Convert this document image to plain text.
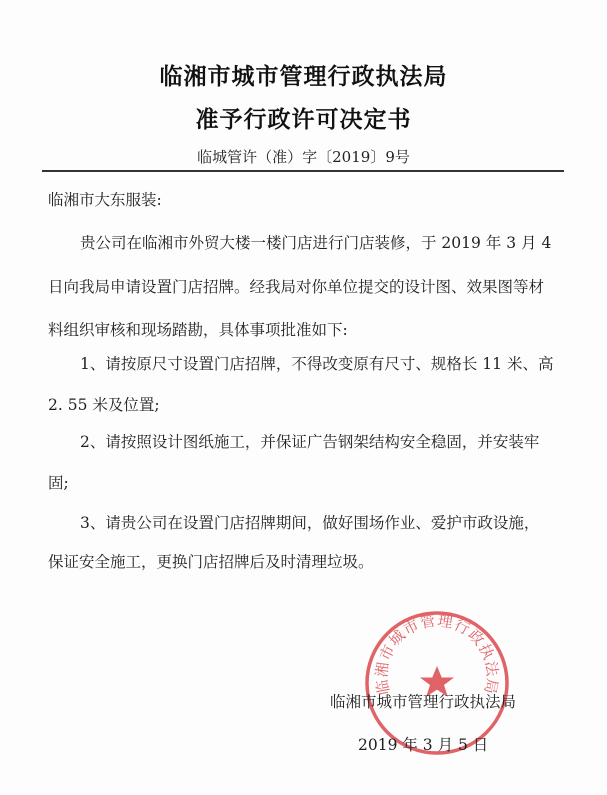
临湘市城市管理行政执法局
准予行政许可决定书
临城管许（准）字〔2019〕9号
临湘市大东服装:
贵公司在临湘市外贸大楼一楼门店进行门店装修，于 2019 年 3 月 4
日向我局申请设置门店招牌。经我局对你单位提交的设计图、效果图等材
料组织审核和现场踏勘，具体事项批准如下:
1、请按原尺寸设置门店招牌，不得改变原有尺寸、规格长 11 米、高
2. 55 米及位置;
2、请按照设计图纸施工，并保证广告钢架结构安全稳固，并安装牢
固;
3、请贵公司在设置门店招牌期间，做好围场作业、爱护市政设施，
保证安全施工，更换门店招牌后及时清理垃圾。
临湘市城市管理行政执法局
临湘市城市管理行政执法局
2019 年 3 月 5 日
